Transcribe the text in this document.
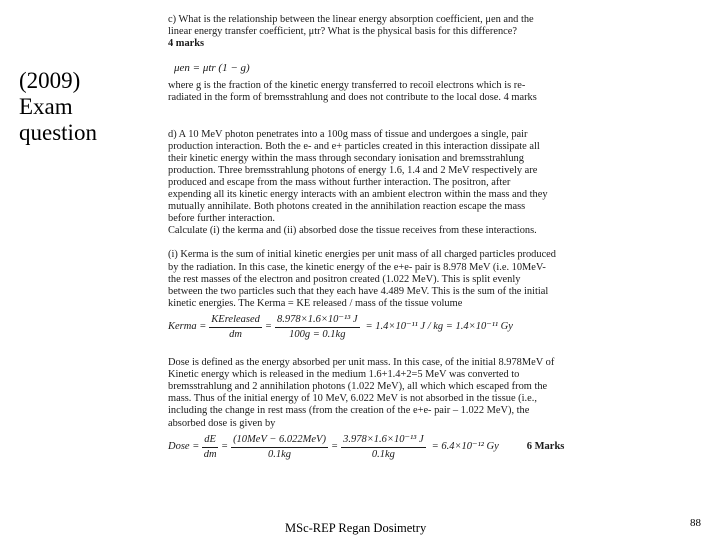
(2009)
Exam
question

c) What is the relationship between the linear energy absorption coefficient, μen and the

linear energy transfer coefficient, μtr? What is the physical basis for this difference?

4 marks

μen = μtr (1 − g)

where g is the fraction of the kinetic energy transferred to recoil electrons which is re-

radiated in the form of bremsstrahlung and does not contribute to the local dose. 4 marks

d) A 10 MeV photon penetrates into a 100g mass of tissue and undergoes a single, pair

production interaction. Both the e- and e+ particles created in this interaction dissipate all

their kinetic energy within the mass through secondary ionisation and bremsstrahlung

production. Three bremsstrahlung photons of energy 1.6, 1.4 and 2 MeV respectively are

produced and escape from the mass without further interaction. The positron, after

expending all its kinetic energy interacts with an ambient electron within the mass and they

mutually annihilate. Both photons created in the annihilation reaction escape the mass

before further interaction.

Calculate (i) the kerma and (ii) absorbed dose the tissue receives from these interactions.

(i) Kerma is the sum of initial kinetic energies per unit mass of all charged particles produced

by the radiation. In this case, the kinetic energy of the e+e- pair is 8.978 MeV (i.e. 10MeV-

the rest masses of the electron and positron created (1.022 MeV). This is split evenly

between the two particles such that they each have 4.489 MeV. This is the sum of the initial

kinetic energies. The Kerma = KE released / mass of the tissue volume

Kerma = $\frac{\text{KEreleased}}{dm} = \frac{\text{8.978×1.6×10⁻¹³ J}}{100g = 0.1kg} = 1.4\times 10^{-11}$ J / kg = 1.4×10⁻¹¹ Gy

Dose is defined as the energy absorbed per unit mass. In this case, of the initial 8.978MeV of

Kinetic energy which is released in the medium 1.6+1.4+2=5 MeV was converted to

bremsstrahlung and 2 annihilation photons (1.022 MeV), all which which escaped from the

mass. Thus of the initial energy of 10 MeV, 6.022 MeV is not absorbed in the tissue (i.e.,

including the change in rest mass (from the creation of the e+e- pair – 1.022 MeV), the

absorbed dose is given by

Dose = $\frac{dE}{dm} = \frac{\text{(10MeV − 6.022MeV)}}{0.1kg} = \frac{\text{3.978×1.6×10⁻¹³ J}}{0.1kg} = 6.4\times 10^{-12}$ Gy	6 Marks
MSc-REP Regan Dosimetry	88
